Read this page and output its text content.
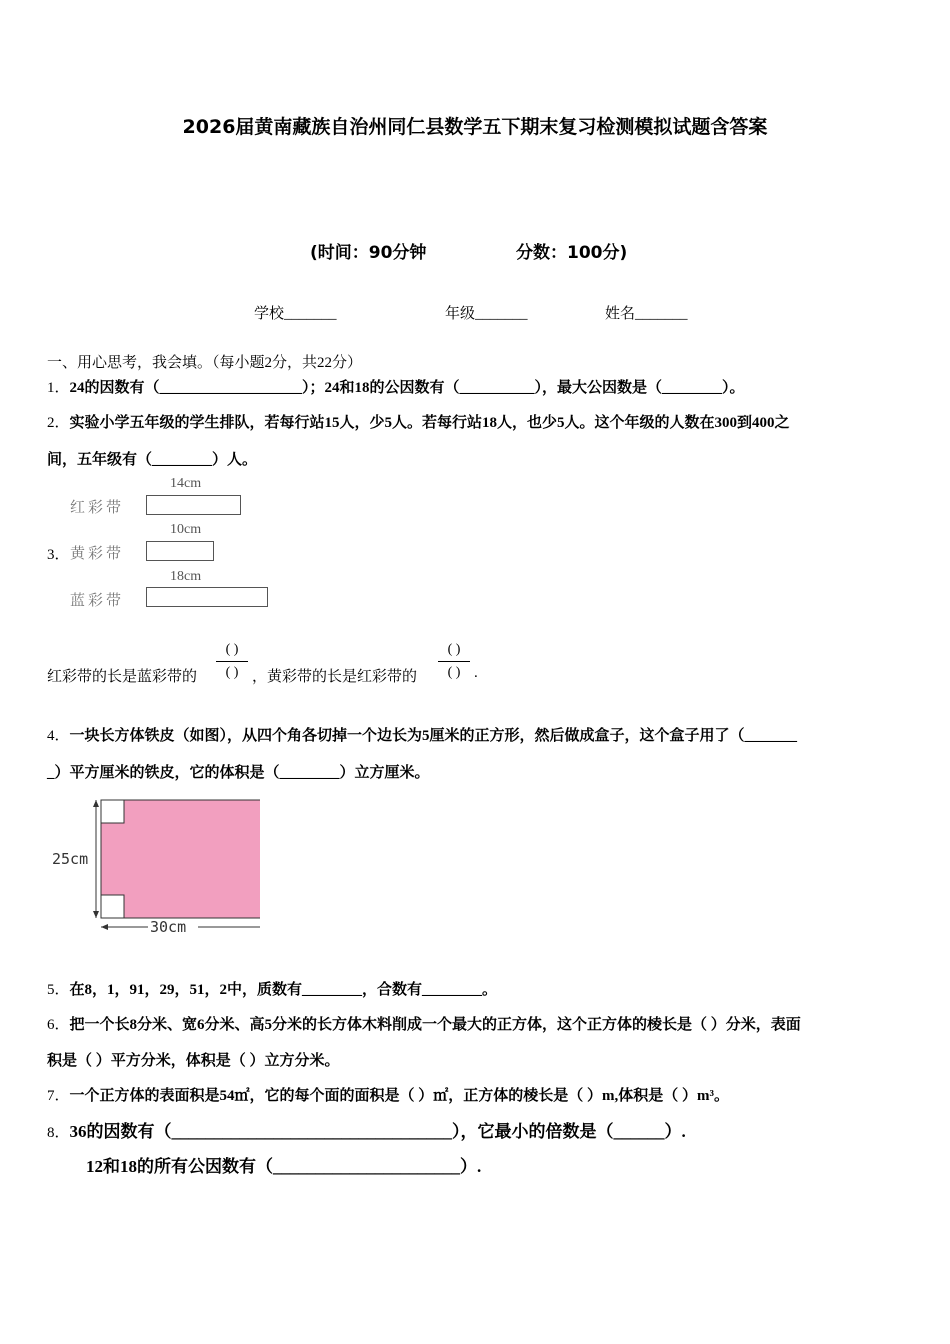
2026届黄南藏族自治州同仁县数学五下期末复习检测模拟试题含答案
(时间：90分钟	分数：100分)
学校_______	年级_______	姓名_______
一、用心思考，我会填。（每小题2分，共22分）
1．24的因数有（___________________）；24和18的公因数有（__________），最大公因数是（________）。
2．实验小学五年级的学生排队，若每行站15人，少5人。若每行站18人，也少5人。这个年级的人数在300到400之
间，五年级有（________）人。
14cm
红彩带
3．
10cm
黄彩带
18cm
蓝彩带
红彩带的长是蓝彩带的
( )
( ) ，黄彩带的长是红彩带的
( )
( ) .
4．一块长方体铁皮（如图），从四个角各切掉一个边长为5厘米的正方形，然后做成盒子，这个盒子用了（_______
_）平方厘米的铁皮，它的体积是（________）立方厘米。
25cm
30cm
5．在8，1，91，29，51，2中，质数有________，合数有________。
6．把一个长8分米、宽6分米、高5分米的长方体木料削成一个最大的正方体，这个正方体的棱长是（ ）分米，表面
积是（ ）平方分米，体积是（ ）立方分米。
7．一个正方体的表面积是54㎡，它的每个面的面积是（ ）㎡，正方体的棱长是（ ）m,体积是（ ）m³。
8．36的因数有（_________________________________），它最小的倍数是（______）.
12和18的所有公因数有（______________________）.
